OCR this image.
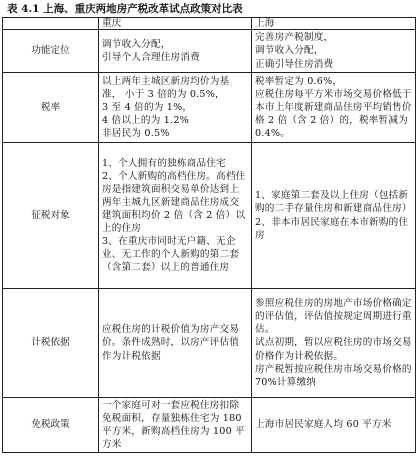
表 4.1 上海、重庆两地房产税改革试点政策对比表
	重庆	上海
功能定位	调节收入分配，
引导个人合理住房消费	完善房产税制度，
调节收入分配，
正确引导住房消费
税率	以上两年主城区新房均价为基准， 小于 3 倍的为 0.5%，
3 至 4 倍的为 1%，
4 倍以上的为 1.2%
非居民为 0.5%	税率暂定为 0.6%，
应税住房每平方米市场交易价格低于本市上年度新建商品住房平均销售价格 2 倍（含 2 倍）的，税率暂减为 0.4%。
征税对象	1、个人拥有的独栋商品住宅
2、个人新购的高档住房。高档住房是指建筑面积交易单价达到上两年主城九区新建商品住房成交建筑面积均价 2 倍（含 2 倍）以上的住房
3、在重庆市同时无户籍、无企业、无工作的个人新购的第二套（含第二套）以上的普通住房	1、家庭第二套及以上住房（包括新购的二手存量住房和新建商品住房）
2、非本市居民家庭在本市新购的住房
计税依据	应税住房的计税价值为房产交易价。条件成熟时，以房产评估值作为计税依据	参照应税住房的房地产市场价格确定的评估值，评估值按规定周期进行重估。
试点初期，暂以应税住房的市场交易价格作为计税依据。
房产税暂按应税住房市场交易价格的 70%计算缴纳
免税政策	一个家庭可对一套应税住房扣除免税面积，存量独栋住宅为 180 平方米，新购高档住房为 100 平方米	上海市居民家庭人均 60 平方米
